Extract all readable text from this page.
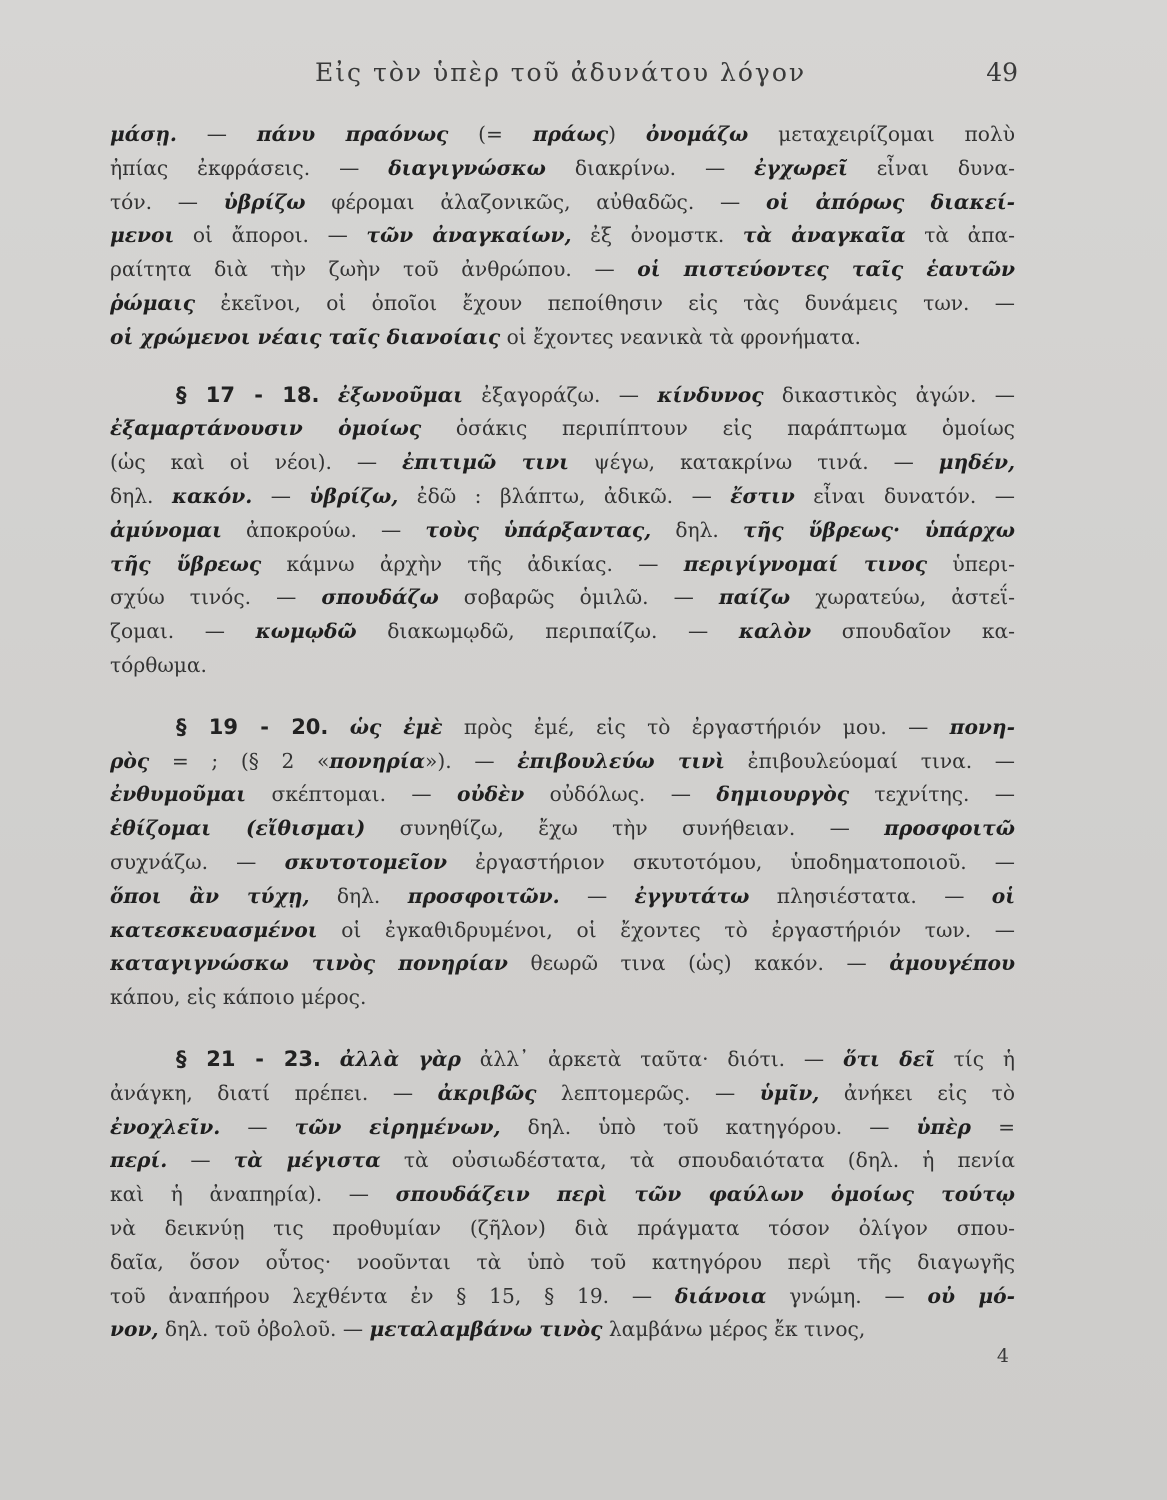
Εἰς τὸν ὑπὲρ τοῦ ἀδυνάτου λόγον	49
μάσῃ. — πάνυ πραόνως (= πράως) ὀνομάζω μεταχειρίζομαι πολὺ
ἠπίας ἐκφράσεις. — διαγιγνώσκω διακρίνω. — ἐγχωρεῖ εἶναι δυνα-
τόν. — ὑβρίζω φέρομαι ἀλαζονικῶς, αὐθαδῶς. — οἱ ἀπόρως διακεί-
μενοι οἱ ἄποροι. — τῶν ἀναγκαίων, ἐξ ὀνομστκ. τὰ ἀναγκαῖα τὰ ἀπα-
ραίτητα διὰ τὴν ζωὴν τοῦ ἀνθρώπου. — οἱ πιστεύοντες ταῖς ἑαυτῶν
ῥώμαις ἐκεῖνοι, οἱ ὁποῖοι ἔχουν πεποίθησιν εἰς τὰς δυνάμεις των. —
οἱ χρώμενοι νέαις ταῖς διανοίαις οἱ ἔχοντες νεανικὰ τὰ φρονήματα.
§ 17 - 18. ἐξωνοῦμαι ἐξαγοράζω. — κίνδυνος δικαστικὸς ἀγών. —
ἐξαμαρτάνουσιν ὁμοίως ὁσάκις περιπίπτουν εἰς παράπτωμα ὁμοίως
(ὡς καὶ οἱ νέοι). — ἐπιτιμῶ τινι ψέγω, κατακρίνω τινά. — μηδέν,
δηλ. κακόν. — ὑβρίζω, ἐδῶ : βλάπτω, ἀδικῶ. — ἔστιν εἶναι δυνατόν. —
ἀμύνομαι ἀποκρούω. — τοὺς ὑπάρξαντας, δηλ. τῆς ὕβρεως· ὑπάρχω
τῆς ὕβρεως κάμνω ἀρχὴν τῆς ἀδικίας. — περιγίγνομαί τινος ὑπερι-
σχύω τινός. — σπουδάζω σοβαρῶς ὁμιλῶ. — παίζω χωρατεύω, ἀστεΐ-
ζομαι. — κωμῳδῶ διακωμῳδῶ, περιπαίζω. — καλὸν σπουδαῖον κα-
τόρθωμα.
§ 19 - 20. ὡς ἐμὲ πρὸς ἐμέ, εἰς τὸ ἐργαστήριόν μου. — πονη-
ρὸς = ; (§ 2 «πονηρία»). — ἐπιβουλεύω τινὶ ἐπιβουλεύομαί τινα. —
ἐνθυμοῦμαι σκέπτομαι. — οὐδὲν οὐδόλως. — δημιουργὸς τεχνίτης. —
ἐθίζομαι (εἴθισμαι) συνηθίζω, ἔχω τὴν συνήθειαν. — προσφοιτῶ
συχνάζω. — σκυτοτομεῖον ἐργαστήριον σκυτοτόμου, ὑποδηματοποιοῦ. —
ὅποι ἂν τύχῃ, δηλ. προσφοιτῶν. — ἐγγυτάτω πλησιέστατα. — οἱ
κατεσκευασμένοι οἱ ἐγκαθιδρυμένοι, οἱ ἔχοντες τὸ ἐργαστήριόν των. —
καταγιγνώσκω τινὸς πονηρίαν θεωρῶ τινα (ὡς) κακόν. — ἀμουγέπου
κάπου, εἰς κάποιο μέρος.
§ 21 - 23. ἀλλὰ γὰρ ἀλλ᾽ ἀρκετὰ ταῦτα· διότι. — ὅτι δεῖ τίς ἡ
ἀνάγκη, διατί πρέπει. — ἀκριβῶς λεπτομερῶς. — ὑμῖν, ἀνήκει εἰς τὸ
ἐνοχλεῖν. — τῶν εἰρημένων, δηλ. ὑπὸ τοῦ κατηγόρου. — ὑπὲρ =
περί. — τὰ μέγιστα τὰ οὐσιωδέστατα, τὰ σπουδαιότατα (δηλ. ἡ πενία
καὶ ἡ ἀναπηρία). — σπουδάζειν περὶ τῶν φαύλων ὁμοίως τούτῳ
νὰ δεικνύῃ τις προθυμίαν (ζῆλον) διὰ πράγματα τόσον ὀλίγον σπου-
δαῖα, ὅσον οὗτος· νοοῦνται τὰ ὑπὸ τοῦ κατηγόρου περὶ τῆς διαγωγῆς
τοῦ ἀναπήρου λεχθέντα ἐν § 15, § 19. — διάνοια γνώμη. — οὐ μό-
νον, δηλ. τοῦ ὀβολοῦ. — μεταλαμβάνω τινὸς λαμβάνω μέρος ἔκ τινος,
4
